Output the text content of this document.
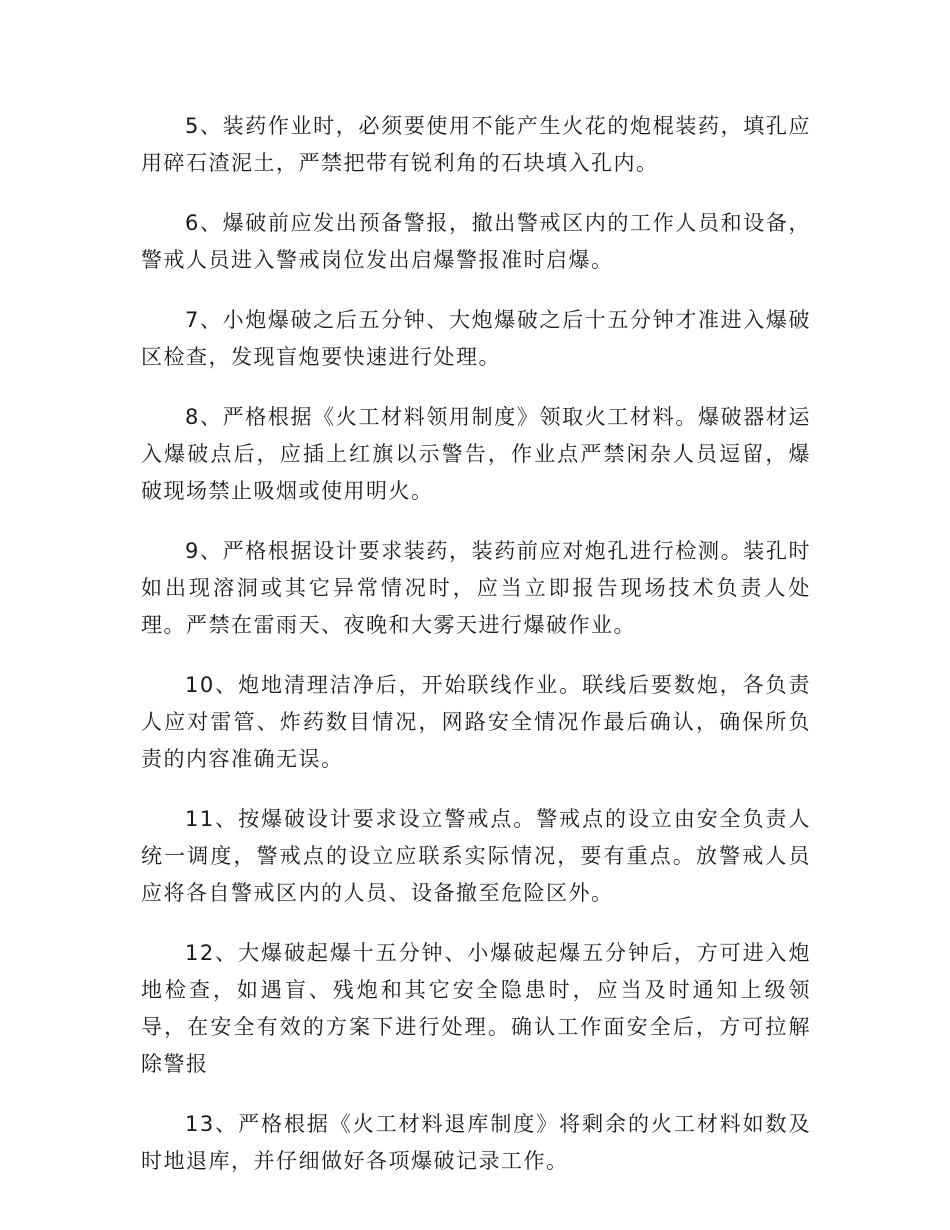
5、装药作业时，必须要使用不能产生火花的炮棍装药，填孔应用碎石渣泥土，严禁把带有锐利角的石块填入孔内。

6、爆破前应发出预备警报，撤出警戒区内的工作人员和设备，警戒人员进入警戒岗位发出启爆警报准时启爆。

7、小炮爆破之后五分钟、大炮爆破之后十五分钟才准进入爆破区检查，发现盲炮要快速进行处理。

8、严格根据《火工材料领用制度》领取火工材料。爆破器材运入爆破点后，应插上红旗以示警告，作业点严禁闲杂人员逗留，爆破现场禁止吸烟或使用明火。

9、严格根据设计要求装药，装药前应对炮孔进行检测。装孔时如出现溶洞或其它异常情况时，应当立即报告现场技术负责人处理。严禁在雷雨天、夜晚和大雾天进行爆破作业。

10、炮地清理洁净后，开始联线作业。联线后要数炮，各负责人应对雷管、炸药数目情况，网路安全情况作最后确认，确保所负责的内容准确无误。

11、按爆破设计要求设立警戒点。警戒点的设立由安全负责人统一调度，警戒点的设立应联系实际情况，要有重点。放警戒人员应将各自警戒区内的人员、设备撤至危险区外。

12、大爆破起爆十五分钟、小爆破起爆五分钟后，方可进入炮地检查，如遇盲、残炮和其它安全隐患时，应当及时通知上级领导，在安全有效的方案下进行处理。确认工作面安全后，方可拉解除警报

13、严格根据《火工材料退库制度》将剩余的火工材料如数及时地退库，并仔细做好各项爆破记录工作。
